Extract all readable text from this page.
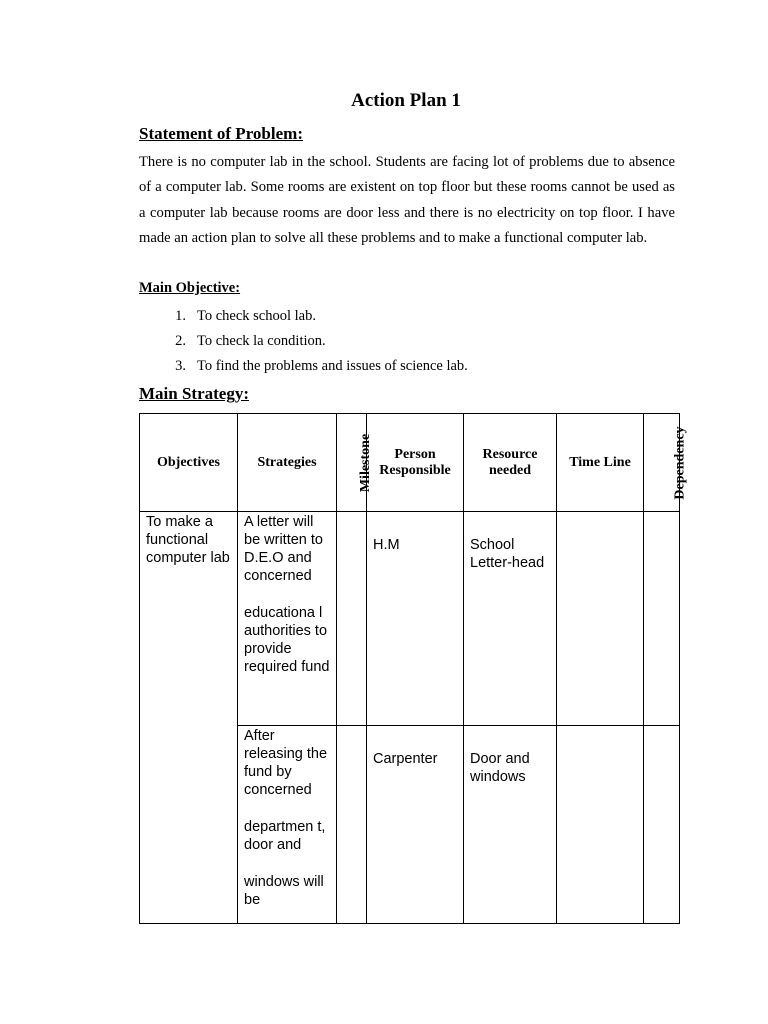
Action Plan 1
Statement of Problem:
There is no computer lab in the school. Students are facing lot of problems due to absence of a computer lab. Some rooms are existent on top floor but these rooms cannot be used as a computer lab because rooms are door less and there is no electricity on top floor. I have made an action plan to solve all these problems and to make a functional computer lab.
Main Objective:
1. To check school lab.
2. To check la condition.
3. To find the problems and issues of science lab.
Main Strategy:
Objectives	Strategies	Milestone	Person Responsible	Resource needed	Time Line	Dependency

To make a functional computer lab	A letter will be written to D.E.O and concerned
educationa l authorities to provide required fund		H.M	School Letter-head		

	After releasing the fund by concerned
departmen t, door and
windows will be		Carpenter	Door and windows		
